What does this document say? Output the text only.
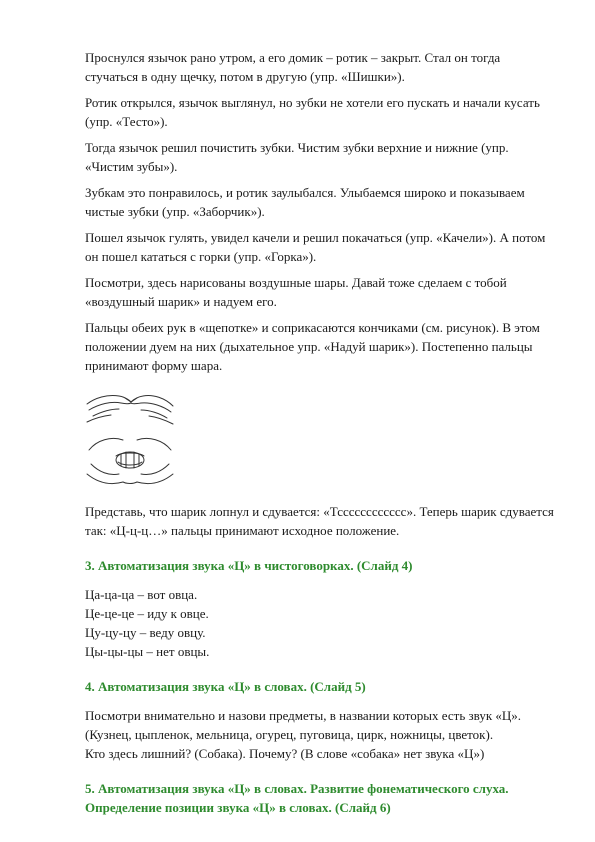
Проснулся язычок рано утром, а его домик – ротик – закрыт. Стал он тогда стучаться в одну щечку, потом в другую (упр. «Шишки»).

Ротик открылся, язычок выглянул, но зубки не хотели его пускать и начали кусать (упр. «Тесто»).

Тогда язычок решил почистить зубки. Чистим зубки верхние и нижние (упр. «Чистим зубы»).

Зубкам это понравилось, и ротик заулыбался. Улыбаемся широко и показываем чистые зубки (упр. «Заборчик»).

Пошел язычок гулять, увидел качели и решил покачаться (упр. «Качели»). А потом он пошел кататься с горки (упр. «Горка»).

Посмотри, здесь нарисованы воздушные шары. Давай тоже сделаем с тобой «воздушный шарик» и надуем его.

Пальцы обеих рук в «щепотке» и соприкасаются кончиками (см. рисунок). В этом положении дуем на них (дыхательное упр. «Надуй шарик»). Постепенно пальцы принимают форму шара.

Представь, что шарик лопнул и сдувается: «Тсссссссссссс». Теперь шарик сдувается так: «Ц-ц-ц…» пальцы принимают исходное положение.

3. Автоматизация звука «Ц» в чистоговорках. (Слайд 4)

Ца-ца-ца – вот овца.

Це-це-це – иду к овце.

Цу-цу-цу – веду овцу.

Цы-цы-цы – нет овцы.

4. Автоматизация звука «Ц» в словах. (Слайд 5)

Посмотри внимательно и назови предметы, в названии которых есть звук «Ц».

(Кузнец, цыпленок, мельница, огурец, пуговица, цирк, ножницы, цветок).

Кто здесь лишний? (Собака). Почему? (В слове «собака» нет звука «Ц»)

5. Автоматизация звука «Ц» в словах. Развитие фонематического слуха.
Определение позиции звука «Ц» в словах. (Слайд 6)
